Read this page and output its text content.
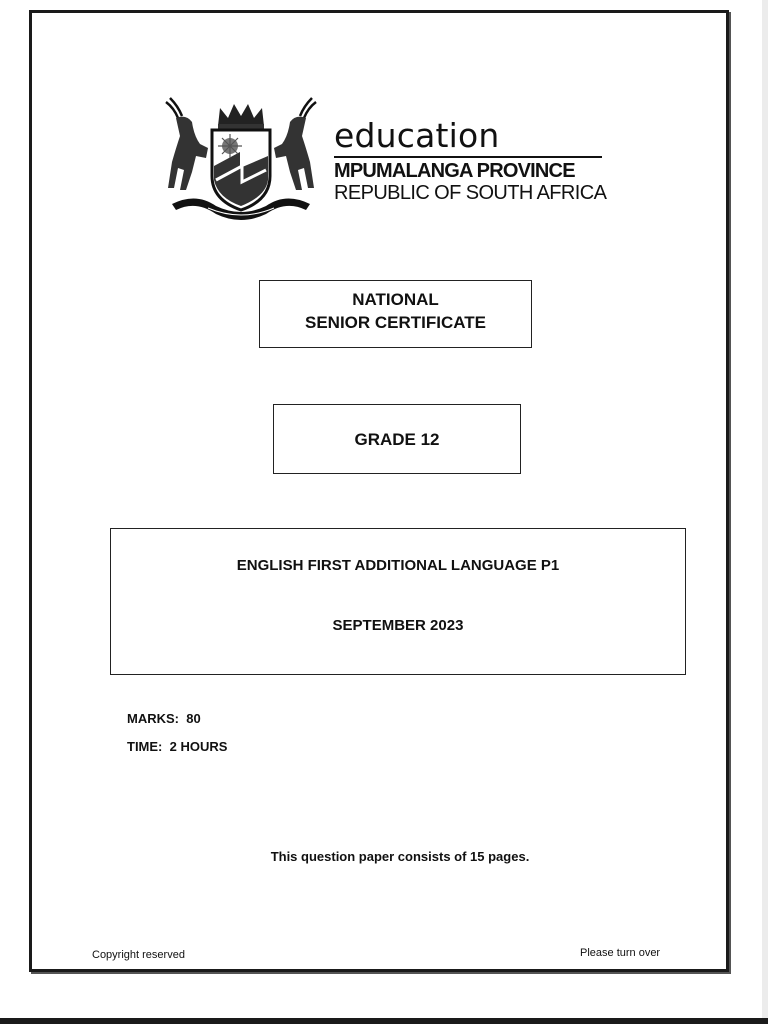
education
MPUMALANGA PROVINCE
REPUBLIC OF SOUTH AFRICA
NATIONAL
SENIOR CERTIFICATE
GRADE 12
ENGLISH FIRST ADDITIONAL LANGUAGE P1
SEPTEMBER 2023
MARKS:  80
TIME:  2 HOURS
This question paper consists of 15 pages.
Copyright reserved	Please turn over
